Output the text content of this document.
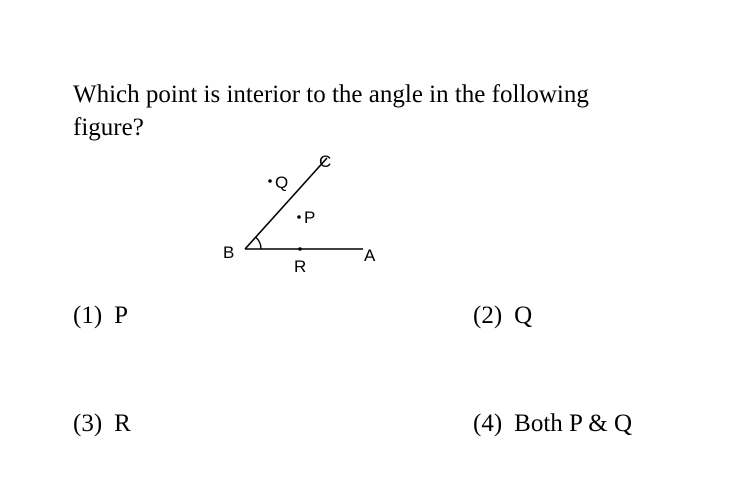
Which point is interior to the angle in the following figure?

C
Q
P
B	A
R
(1) P	(2) Q
(3) R	(4) Both P & Q
